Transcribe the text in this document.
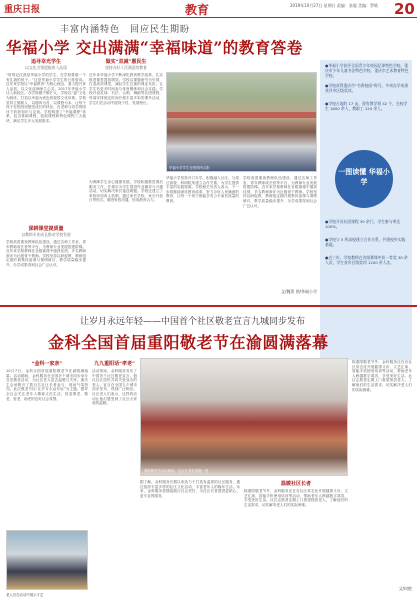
重庆日报	教育	2019年10月27日 星期日 责编：张聪 美编：罗皓	20
丰富内涵特色　回应民生期盼
华福小学 交出满满“幸福味道”的教育答卷
追寻幸光学生
以文化引领提振育人品质
“时刻记住我是华福小学的学生，在学校要做一个有礼貌的孩子。”这是华福小学学生的日常誓词。近年来学校以“幸福教育”为核心理念，着力提升育人品质，以文化浸润师生心灵。2017年华福小学迁入新校区，办学规模不断扩大，学校以“福”文化为载体，打造以幸福为底色的校园文化体系。学校坚持立德树人，以德育为首，以课程为本，让每个孩子在校园里感受成长的快乐，在老师与同学的陪伴下收获知识与友谊。学校构建了“幸福课程”体系，包含基础课程、拓展课程和特色课程三大板块，满足学生多元发展需求。
深耕课堂提质量
以教师专业成长推动学校发展
学校高度重视教师队伍建设，通过名师工作室、青年教师成长营等平台，为教师专业发展搭建阶梯。近年来学校教师在各级赛课中屡获佳绩，多名教师被评为区级骨干教师。学校坚持以研促教，教研组定期开展集体备课与课例研讨，教学质量稳步提升，办学成果得到社会广泛认可。
做实“双减”惠民生
坚持办好人民满意的教育
近年来华福小学不断深化教育教学改革，扎实推进课堂提质增效。学校以课题研究为引领，打造高效课堂，减轻学生过重的课业负担，让学生有更多时间参与体育锻炼和社会实践。学校开设足球、书法、合唱、舞蹈等社团课程，每周安排固定时间开展丰富多彩的课外活动，学生们在活动中展现个性、发展特长。
为保障学生身心健康发展，学校积极推进课后服务工作，在课后为学生提供作业辅导与兴趣活动，切实解决家长接送难题。学校还建立了家校协同育人机制，通过家长学校、家长开放日等形式，增进家校沟通，形成教育合力。
华福小学学生在校园内合影
华福小学坚持开门办学，积极融入社区，与周边高校、科研院所建立合作关系，为学生提供丰富的实践资源。学校相关负责人表示，下一步将继续深化教育改革，努力办好人民满意的教育，让每一个孩子都能享有公平而有质量的教育。
学校高度重视教师队伍建设，通过名师工作室、青年教师成长营等平台，为教师专业发展搭建阶梯。近年来学校教师在各级赛课中屡获佳绩，多名教师被评为区级骨干教师。学校坚持以研促教，教研组定期开展集体备课与课例研讨，教学质量稳步提升，办学成果得到社会广泛认可。
文/魏菁 图/华福小学
●华福小学获评全国青少年校园足球特色学校、重庆市少年儿童书法特色学校、重庆市艺术教育特色学校。
●学校获得重庆市“书香校园”称号，多项办学成果获评市区级奖项。
●学校占地约 17 亩，现有教学班 42 个，在校学生 1800 余人，教职工 120 余人。
●学校开设社团课程 30 余门，学生参与率达 100%。
●学校与 5 所高校建立合作关系，共建校外实践基地。
●近三年，学校教师在各级赛课中获一等奖 30 余人次，学生获市区级奖项 1200 余人次。
一图读懂 华福小学
让岁月永远年轻——中国首个社区敬老宣言九城同步发布
金科全国首届重阳敬老节在渝圆满落幕
“金科一家亲”
10月7日，金科全国首届重阳敬老节在渝圆满落幕。活动期间，金科服务在全国多个城市同步举办各类敬老活动，为社区老人送去温暖与关怀。重庆主会场吸引了数百名社区长者参与，现场气氛热烈。此次敬老节以“让岁月永远年轻”为主题，倡导全社会关注老年人精神文化生活，营造尊老、敬老、爱老、助老的良好社会氛围。
老人们在活动中展示才艺
九九重阳话“孝老”
活动现场，金科服务发布了中国首个社区敬老宣言，倡议社区居民共同关爱身边的老人。宣言在全国九个城市同步发布，得到广泛响应。社区老人们表示，这样的活动让他们感受到了社区大家庭的温暖。
重阳敬老节活动现场，社区长者们欢聚一堂
据了解，金科服务长期以来致力于打造有温度的社区服务，通过组织丰富多样的社区文化活动，丰富老年人的晚年生活。未来，金科服务将继续践行社会责任，为社区长者提供更贴心、更专业的服务。
温暖社区长者
除重阳敬老节外，金科服务还在各社区常态化开展健康义诊、文艺汇演、智能手机使用培训等活动，帮助老年人跨越数字鸿沟，享受美好生活。社区志愿者定期上门看望独居老人，了解他们的生活需求，切实解决老人们的实际困难。
除重阳敬老节外，金科服务还在各社区常态化开展健康义诊、文艺汇演、智能手机使用培训等活动，帮助老年人跨越数字鸿沟，享受美好生活。社区志愿者定期上门看望独居老人，了解他们的生活需求，切实解决老人们的实际困难。
文/何艳
